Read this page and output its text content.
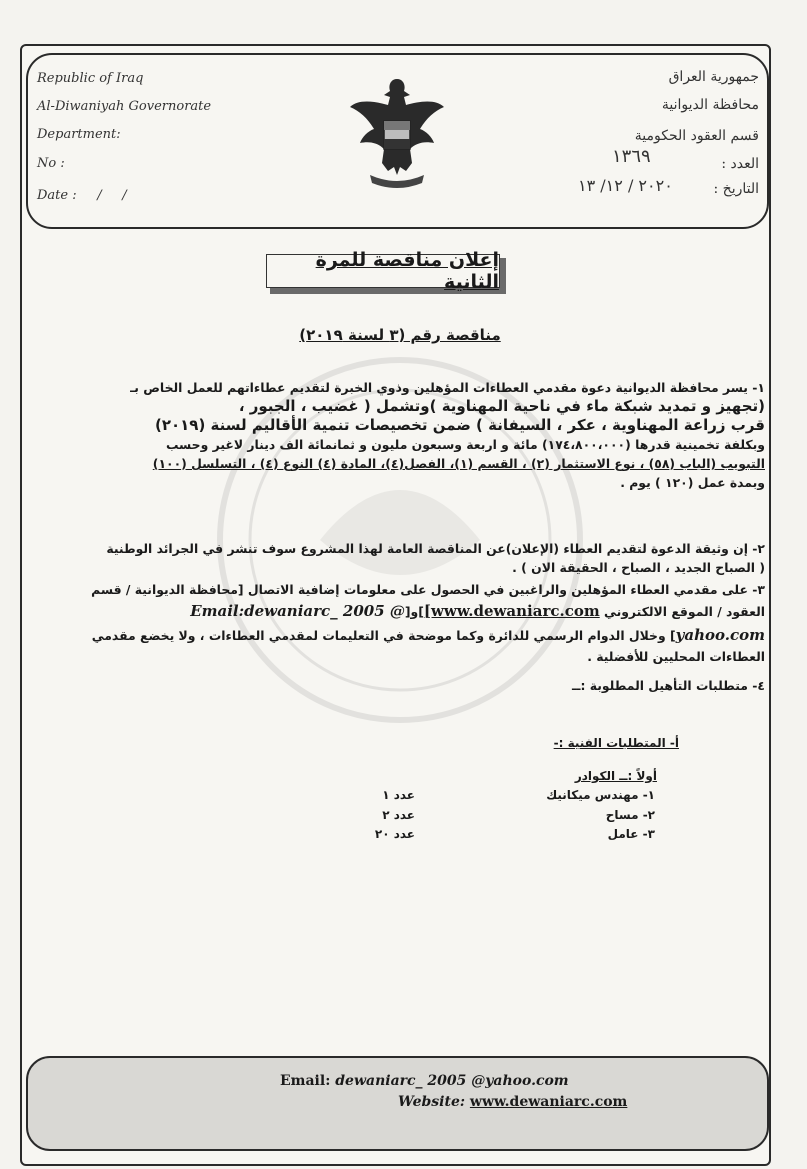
Republic of Iraq
Al-Diwaniyah Governorate
Department:
No :
Date :     /     /
جمهورية العراق
محافظة الديوانية
قسم العقود الحكومية
العدد :
١٣٦٩
التاريخ :
٢٠٢٠ / ١٢/ ١٣
إعلان مناقصة للمرة الثانية
مناقصة رقم (٣ لسنة ٢٠١٩)
١- يسر محافظة الديوانية دعوة مقدمي العطاءات المؤهلين وذوي الخبرة لتقديم عطاءاتهم للعمل الخاص بـ
(تجهيز و تمديد شبكة ماء في ناحية المهناوية )وتشمل ( غضيب ، الجبور ،
قرب زراعة المهناوية ، عكر ، السيفانة ) ضمن تخصيصات تنمية الأقاليم لسنة (٢٠١٩)
وبكلفة تخمينية قدرها (١٧٤،٨٠٠،٠٠٠) مائة و اربعة وسبعون مليون و ثمانمائة الف دينار لاغير وحسب
التبويب (الباب (٥٨) ، نوع الاستثمار (٢) ، القسم (١)، الفصل(٤)، المادة (٤) النوع (٤) ، التسلسل (١٠٠)
وبمدة عمل (١٢٠ ) يوم .
٢- إن وثيقة الدعوة لتقديم العطاء (الإعلان)عن المناقصة العامة لهذا المشروع سوف تنشر في الجرائد الوطنية
( الصباح الجديد ، الصباح ، الحقيقة الان ) .
٣- على مقدمي العطاء المؤهلين والراغبين في الحصول على معلومات إضافية الاتصال [محافظة الديوانية / قسم
العقود / الموقع الالكتروني [www.dewaniarc.com]و[Email:dewaniarc_ 2005 @
yahoo.com] وخلال الدوام الرسمي للدائرة وكما موضحة في التعليمات لمقدمي العطاءات ، ولا يخضع مقدمي
العطاءات المحليين للأفضلية .
٤- متطلبات التأهيل المطلوبة :ــ
أ- المتطلبات الفنية :-
أولاً :ــ الكوادر
١- مهندس ميكانيك
عدد ١
٢- مساح
عدد ٢
٣- عامل
عدد ٢٠
Email: dewaniarc_ 2005 @yahoo.com
Website: www.dewaniarc.com
